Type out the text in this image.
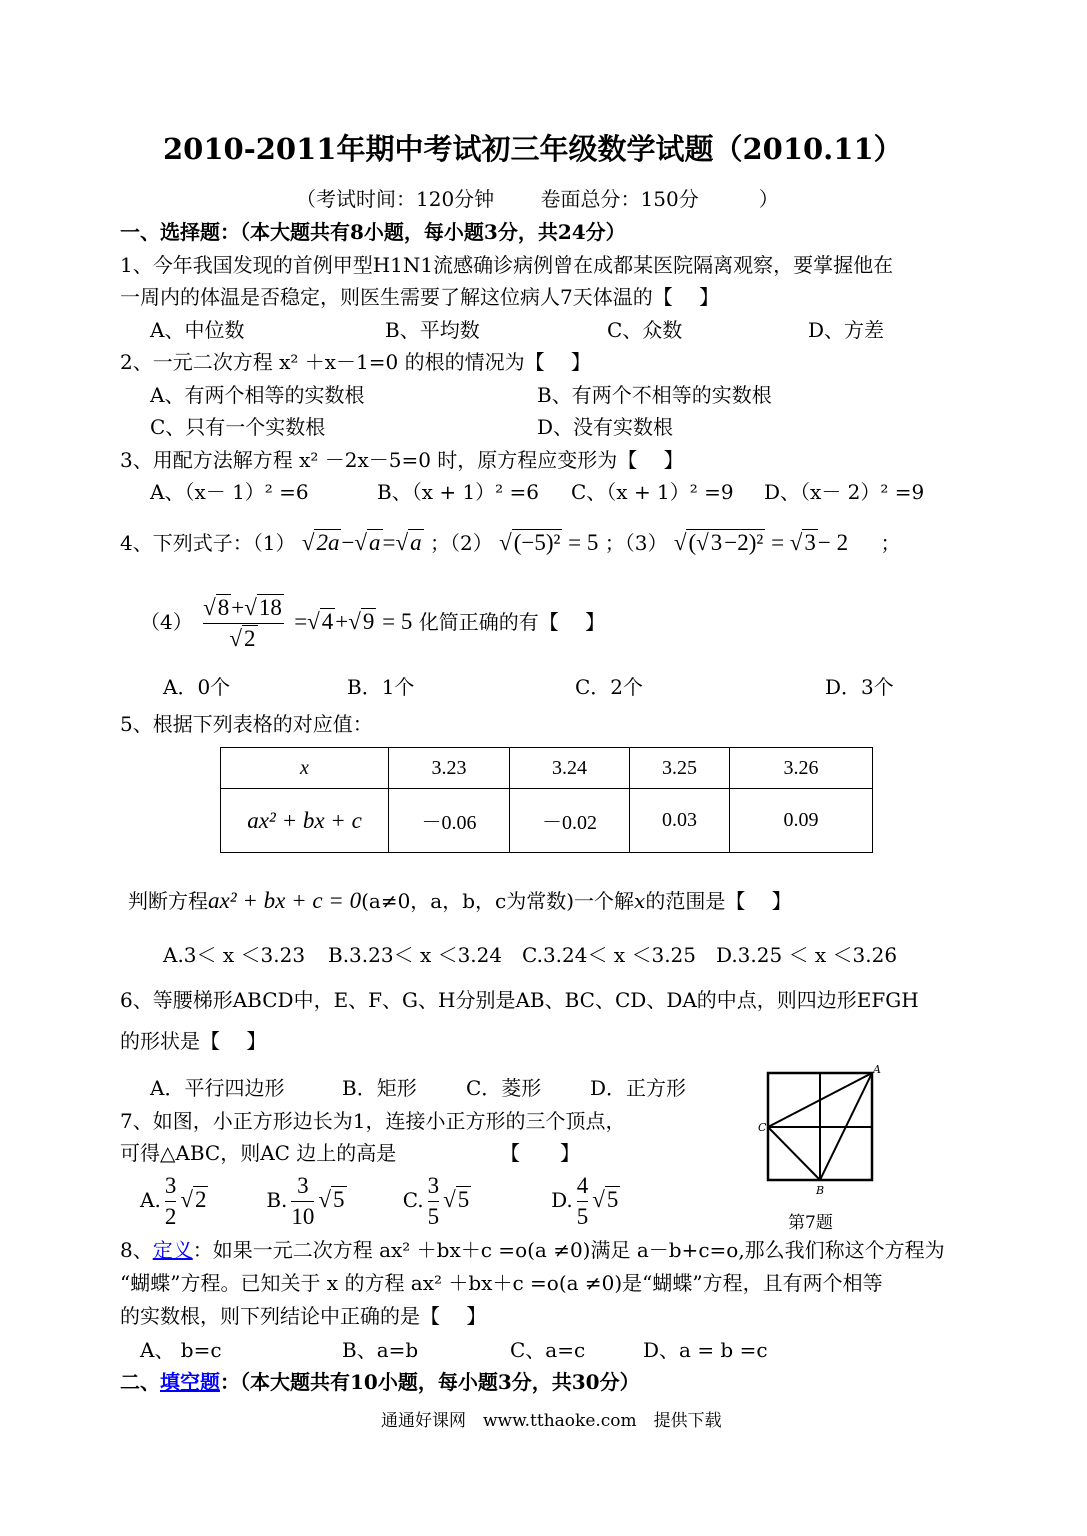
2010-2011年期中考试初三年级数学试题（2010.11）
（考试时间：120分钟　　 卷面总分：150分　　　）
一、选择题：（本大题共有8小题，每小题3分，共24分）
1、今年我国发现的首例甲型H1N1流感确诊病例曾在成都某医院隔离观察，要掌握他在
一周内的体温是否稳定，则医生需要了解这位病人7天体温的【　 】
A、中位数	B、平均数	C、众数	D、方差
2、一元二次方程 x² ＋x－1=0 的根的情况为【　 】
A、有两个相等的实数根	B、有两个不相等的实数根
C、只有一个实数根	D、没有实数根
3、用配方法解方程 x² －2x－5=0 时，原方程应变形为【　 】
A、（x－ 1）² =6	B、（x + 1）² =6 C、（x + 1）² =9 D、（x－ 2）² =9
4、下列式子：（1） √2a−√a=√a ；（2） √(−5)² = 5 ；（3） √(√3−2)² = √3− 2 ；
$(4) \frac{√8+√18}{√2} =√4+√9 = 5$ 化简正确的有【　 】
A．0个	B．1个	C．2个	D．3个
5、根据下列表格的对应值：
x	3.23	3.24	3.25	3.26
ax² + bx + c	－0.06	－0.02	0.03	0.09
判断方程ax² + bx + c = 0(a≠0，a，b，c为常数)一个解x的范围是【　 】
A.3＜ x ＜3.23 B.3.23＜ x ＜3.24 C.3.24＜ x ＜3.25 D.3.25 ＜ x ＜3.26
6、等腰梯形ABCD中，E、F、G、H分别是AB、BC、CD、DA的中点，则四边形EFGH
的形状是【　 】
A．平行四边形	B．矩形 C．菱形 D．正方形
7、如图，小正方形边长为1，连接小正方形的三个顶点，
可得△ABC，则AC 边上的高是	【　　】
A. $\frac{3}{2} √2$	B. $\frac{3}{10} √5$	C. $\frac{3}{5} √5$	D. $\frac{4}{5} √5$
A
B
C
第7题
8、定义：如果一元二次方程 ax² ＋bx＋c =o(a ≠0)满足 a－b+c=o,那么我们称这个方程为
“蝴蝶”方程。已知关于 x 的方程 ax² ＋bx＋c =o(a ≠0)是“蝴蝶”方程，且有两个相等
的实数根，则下列结论中正确的是【　 】
A、 b=c	B、a=b	C、a=c	D、a = b =c
二、填空题：（本大题共有10小题，每小题3分，共30分）
通通好课网　www.tthaoke.com　提供下载
